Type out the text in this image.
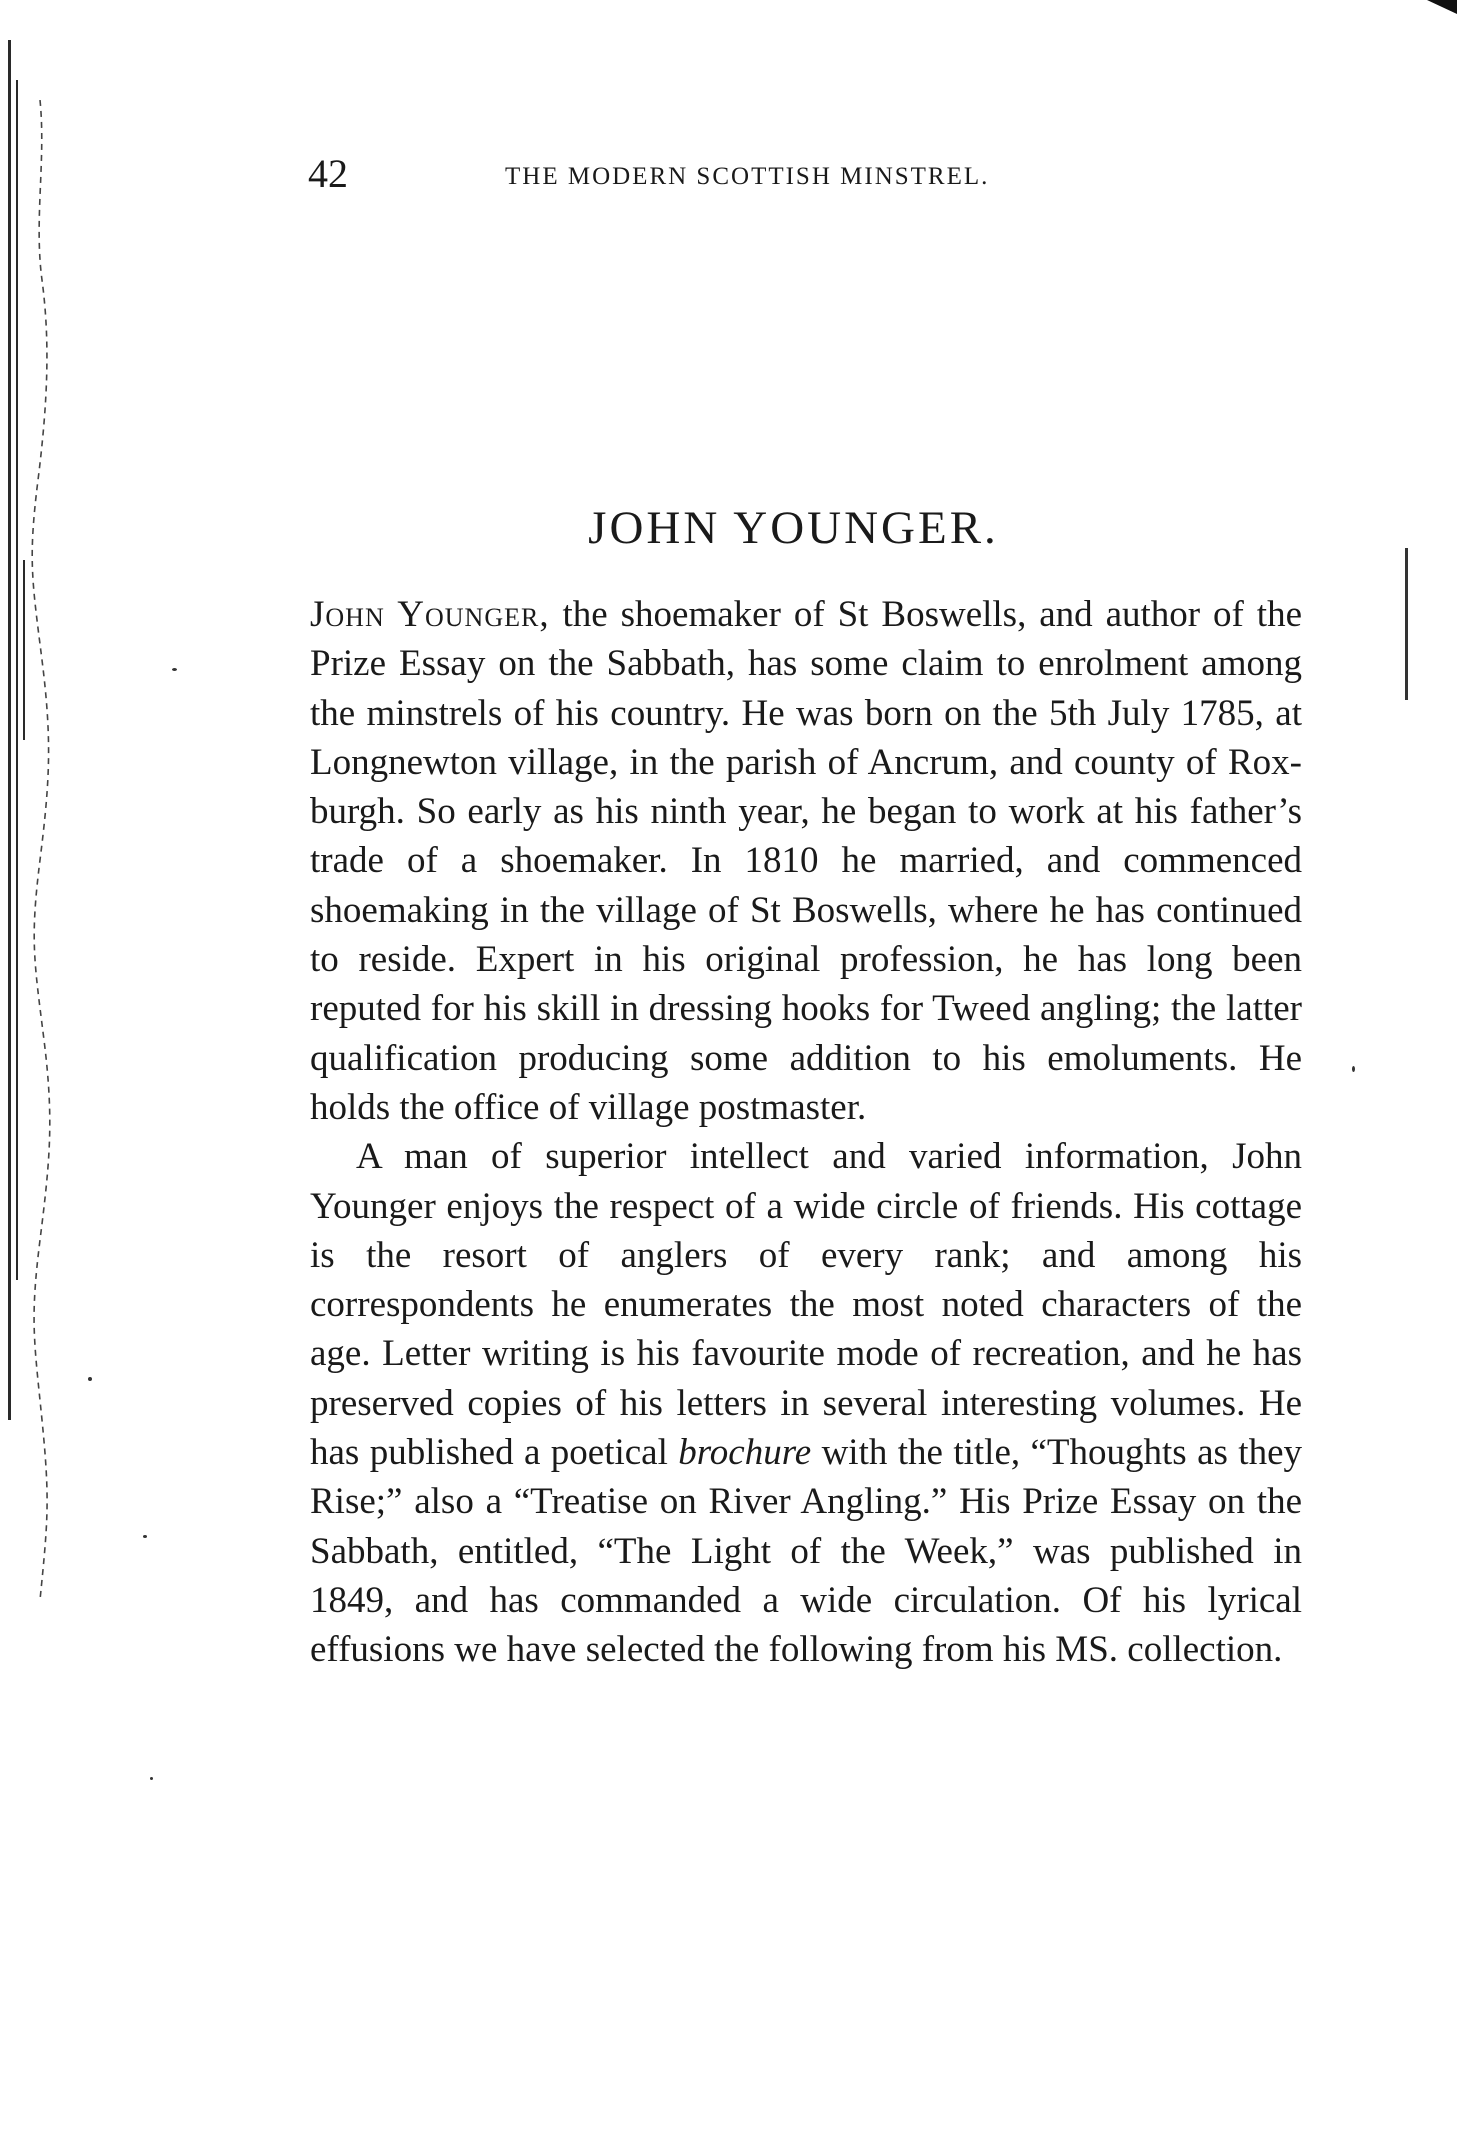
42	THE MODERN SCOTTISH MINSTREL.
JOHN YOUNGER.

John Younger, the shoemaker of St Boswells, and author of the Prize Essay on the Sabbath, has some claim to enrolment among the minstrels of his country. He was born on the 5th July 1785, at Longnewton village, in the parish of Ancrum, and county of Roxburgh. So early as his ninth year, he began to work at his father’s trade of a shoemaker. In 1810 he married, and commenced shoemaking in the village of St Boswells, where he has continued to reside. Expert in his original profession, he has long been reputed for his skill in dressing hooks for Tweed angling; the latter qualification producing some addition to his emoluments. He holds the office of village postmaster.

A man of superior intellect and varied information, John Younger enjoys the respect of a wide circle of friends. His cottage is the resort of anglers of every rank; and among his correspondents he enumerates the most noted characters of the age. Letter writing is his favourite mode of recreation, and he has preserved copies of his letters in several interesting volumes. He has published a poetical brochure with the title, “Thoughts as they Rise;” also a “Treatise on River Angling.” His Prize Essay on the Sabbath, entitled, “The Light of the Week,” was published in 1849, and has commanded a wide circulation. Of his lyrical effusions we have selected the following from his MS. collection.
